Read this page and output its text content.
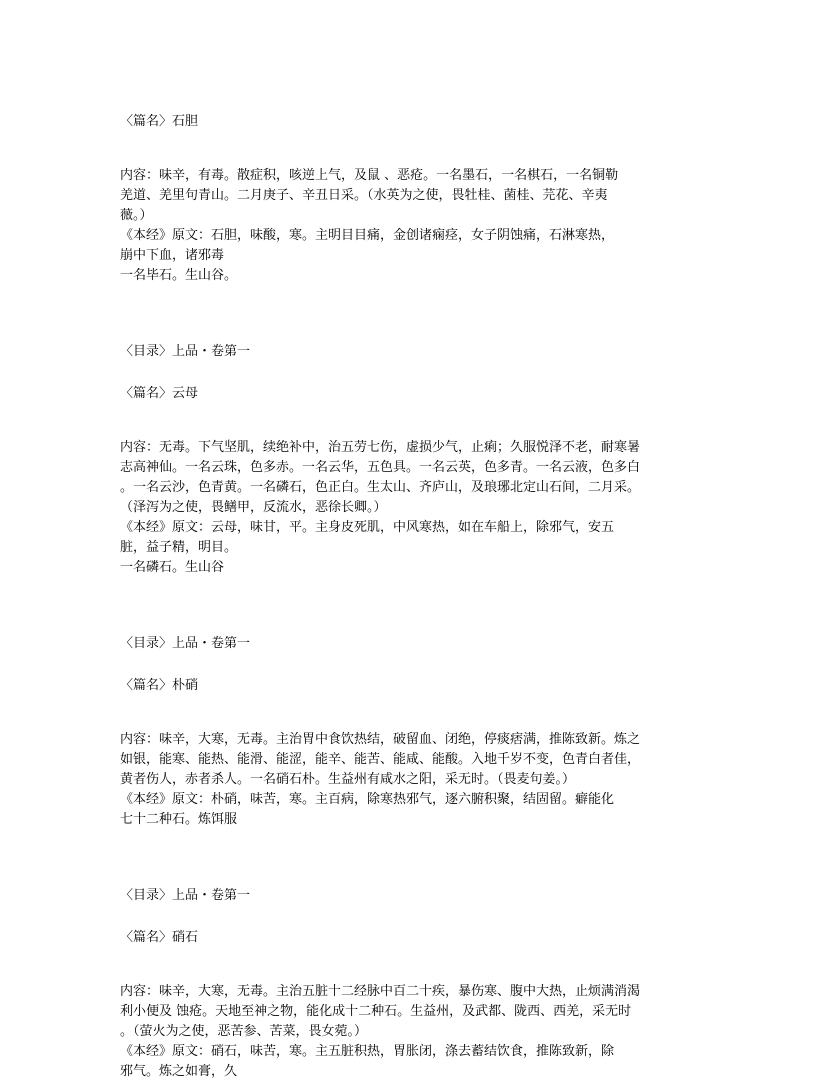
〈篇名〉石胆
内容：味辛，有毒。散症积，咳逆上气，及鼠 、恶疮。一名墨石，一名棋石，一名铜勒
羌道、羌里句青山。二月庚子、辛丑日采。（水英为之使，畏牡桂、菌桂、芫花、辛夷
薇。）
《本经》原文：石胆，味酸，寒。主明目目痛，金创诸痫痉，女子阴蚀痛，石淋寒热，
崩中下血，诸邪毒
一名毕石。生山谷。
〈目录〉上品・卷第一
〈篇名〉云母
内容：无毒。下气坚肌，续绝补中，治五劳七伤，虚损少气，止痢；久服悦泽不老，耐寒暑
志高神仙。一名云珠，色多赤。一名云华，五色具。一名云英，色多青。一名云液，色多白
。一名云沙，色青黄。一名磷石，色正白。生太山、齐庐山，及琅琊北定山石间，二月采。
（泽泻为之使，畏鳝甲，反流水，恶徐长卿。）
《本经》原文：云母，味甘，平。主身皮死肌，中风寒热，如在车船上，除邪气，安五
脏，益子精，明目。
一名磷石。生山谷
〈目录〉上品・卷第一
〈篇名〉朴硝
内容：味辛，大寒，无毒。主治胃中食饮热结，破留血、闭绝，停痰痞满，推陈致新。炼之
如银，能寒、能热、能滑、能涩，能辛、能苦、能咸、能酸。入地千岁不变，色青白者佳，
黄者伤人，赤者杀人。一名硝石朴。生益州有咸水之阳，采无时。（畏麦句姜。）
《本经》原文：朴硝，味苦，寒。主百病，除寒热邪气，逐六腑积聚，结固留。癖能化
七十二种石。炼饵服
〈目录〉上品・卷第一
〈篇名〉硝石
内容：味辛，大寒，无毒。主治五脏十二经脉中百二十疾，暴伤寒、腹中大热，止烦满消渴
利小便及 蚀疮。天地至神之物，能化成十二种石。生益州，及武都、陇西、西羌，采无时
。（萤火为之使，恶苦参、苦菜，畏女菀。）
《本经》原文：硝石，味苦，寒。主五脏积热，胃胀闭，涤去蓄结饮食，推陈致新，除
邪气。炼之如膏，久
